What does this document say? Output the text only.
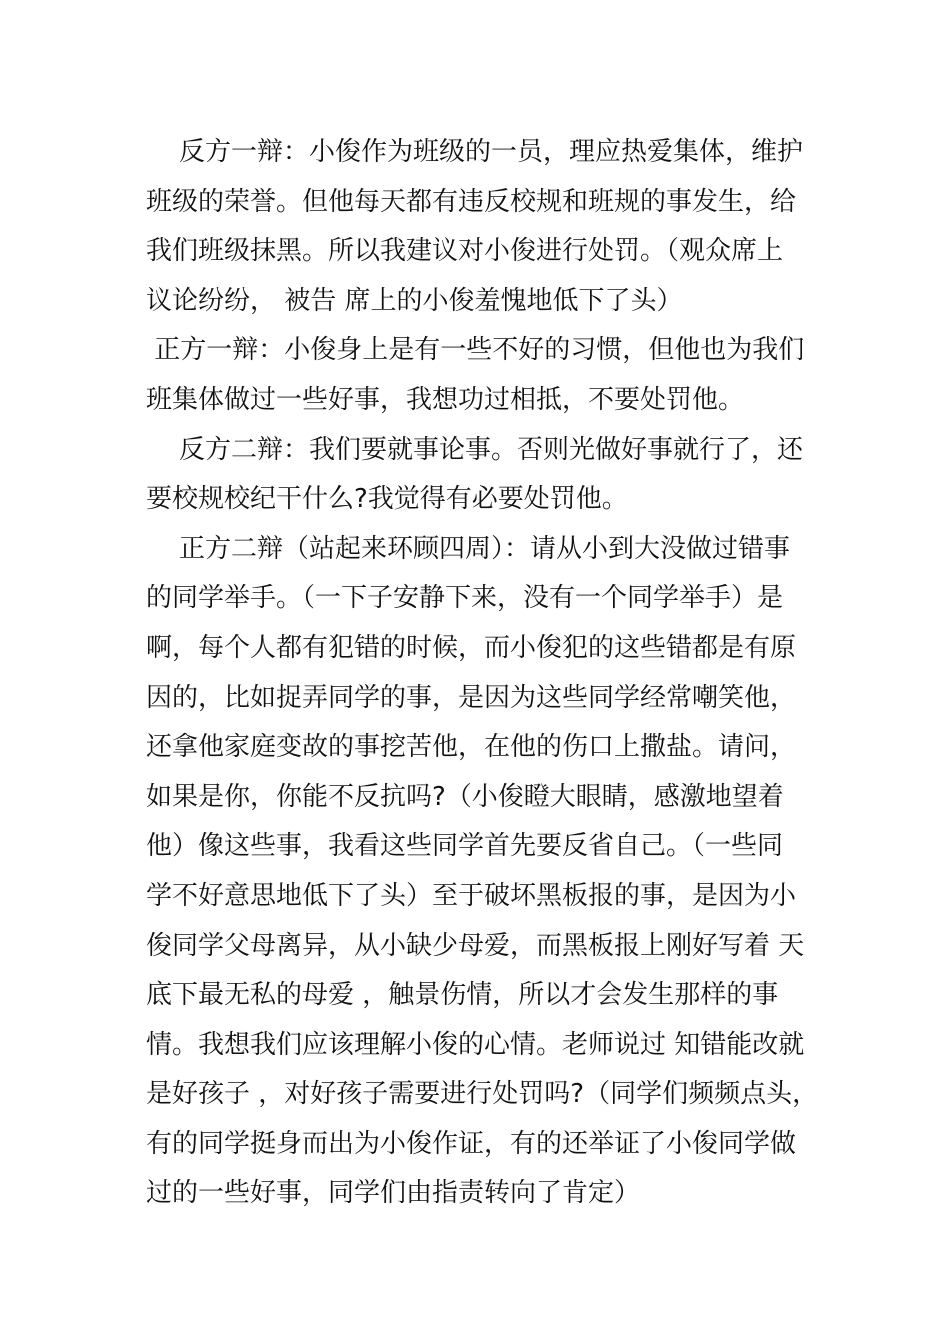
反方一辩：小俊作为班级的一员，理应热爱集体，维护
班级的荣誉。但他每天都有违反校规和班规的事发生，给
我们班级抹黑。所以我建议对小俊进行处罚。（观众席上
议论纷纷， 被告 席上的小俊羞愧地低下了头）
正方一辩：小俊身上是有一些不好的习惯，但他也为我们
班集体做过一些好事，我想功过相抵，不要处罚他。
反方二辩：我们要就事论事。否则光做好事就行了，还
要校规校纪干什么?我觉得有必要处罚他。
正方二辩（站起来环顾四周）：请从小到大没做过错事
的同学举手。（一下子安静下来，没有一个同学举手）是
啊，每个人都有犯错的时候，而小俊犯的这些错都是有原
因的，比如捉弄同学的事，是因为这些同学经常嘲笑他，
还拿他家庭变故的事挖苦他，在他的伤口上撒盐。请问，
如果是你，你能不反抗吗?（小俊瞪大眼睛，感激地望着
他）像这些事，我看这些同学首先要反省自己。（一些同
学不好意思地低下了头）至于破坏黑板报的事，是因为小
俊同学父母离异，从小缺少母爱，而黑板报上刚好写着 天
底下最无私的母爱 ，触景伤情，所以才会发生那样的事
情。我想我们应该理解小俊的心情。老师说过 知错能改就
是好孩子 ，对好孩子需要进行处罚吗?（同学们频频点头，
有的同学挺身而出为小俊作证，有的还举证了小俊同学做
过的一些好事，同学们由指责转向了肯定）
